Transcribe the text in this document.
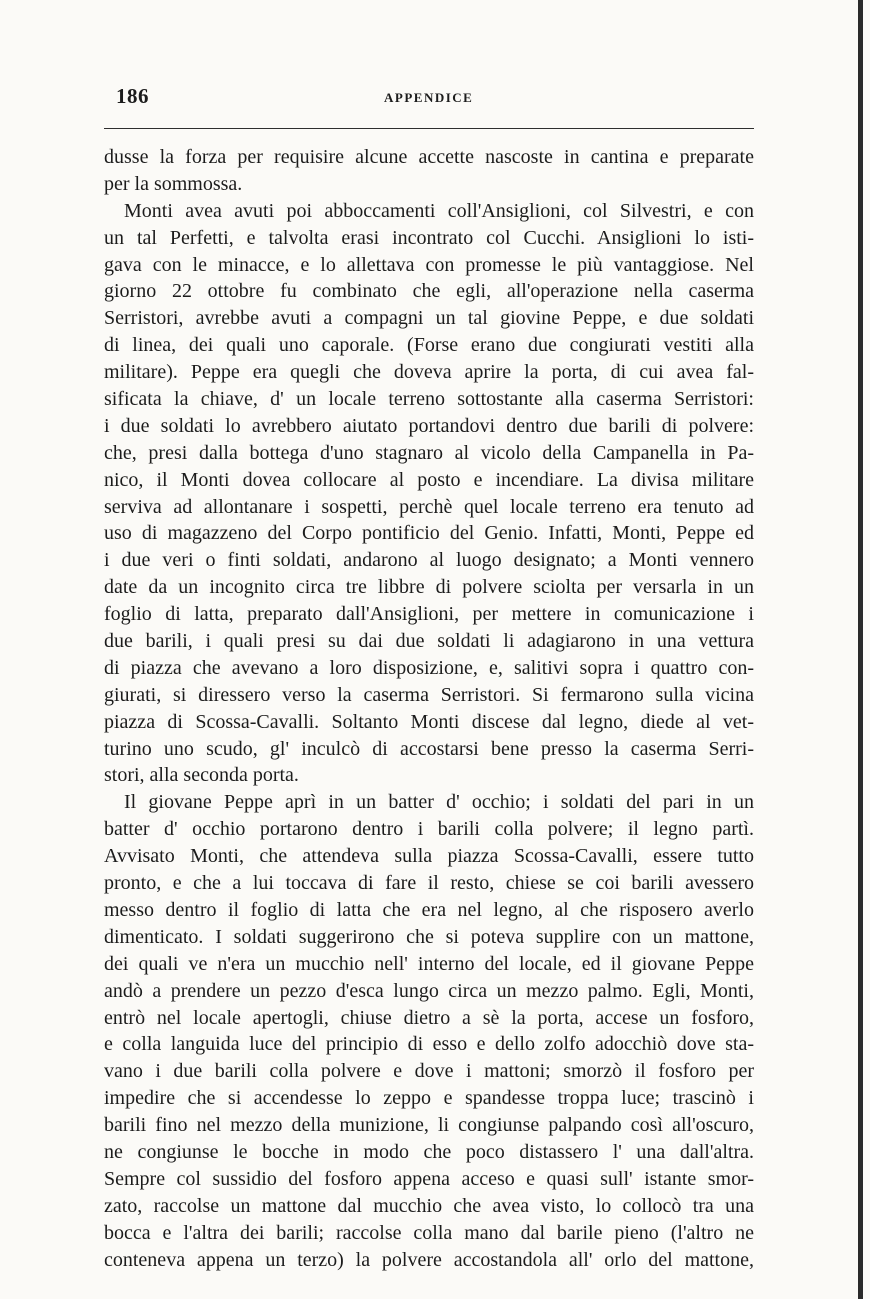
186	APPENDICE
dusse la forza per requisire alcune accette nascoste in cantina e preparate
per la sommossa.
Monti avea avuti poi abboccamenti coll'Ansiglioni, col Silvestri, e con
un tal Perfetti, e talvolta erasi incontrato col Cucchi. Ansiglioni lo isti-
gava con le minacce, e lo allettava con promesse le più vantaggiose. Nel
giorno 22 ottobre fu combinato che egli, all'operazione nella caserma
Serristori, avrebbe avuti a compagni un tal giovine Peppe, e due soldati
di linea, dei quali uno caporale. (Forse erano due congiurati vestiti alla
militare). Peppe era quegli che doveva aprire la porta, di cui avea fal-
sificata la chiave, d' un locale terreno sottostante alla caserma Serristori:
i due soldati lo avrebbero aiutato portandovi dentro due barili di polvere:
che, presi dalla bottega d'uno stagnaro al vicolo della Campanella in Pa-
nico, il Monti dovea collocare al posto e incendiare. La divisa militare
serviva ad allontanare i sospetti, perchè quel locale terreno era tenuto ad
uso di magazzeno del Corpo pontificio del Genio. Infatti, Monti, Peppe ed
i due veri o finti soldati, andarono al luogo designato; a Monti vennero
date da un incognito circa tre libbre di polvere sciolta per versarla in un
foglio di latta, preparato dall'Ansiglioni, per mettere in comunicazione i
due barili, i quali presi su dai due soldati li adagiarono in una vettura
di piazza che avevano a loro disposizione, e, salitivi sopra i quattro con-
giurati, si diressero verso la caserma Serristori. Si fermarono sulla vicina
piazza di Scossa-Cavalli. Soltanto Monti discese dal legno, diede al vet-
turino uno scudo, gl' inculcò di accostarsi bene presso la caserma Serri-
stori, alla seconda porta.
Il giovane Peppe aprì in un batter d' occhio; i soldati del pari in un
batter d' occhio portarono dentro i barili colla polvere; il legno partì.
Avvisato Monti, che attendeva sulla piazza Scossa-Cavalli, essere tutto
pronto, e che a lui toccava di fare il resto, chiese se coi barili avessero
messo dentro il foglio di latta che era nel legno, al che risposero averlo
dimenticato. I soldati suggerirono che si poteva supplire con un mattone,
dei quali ve n'era un mucchio nell' interno del locale, ed il giovane Peppe
andò a prendere un pezzo d'esca lungo circa un mezzo palmo. Egli, Monti,
entrò nel locale apertogli, chiuse dietro a sè la porta, accese un fosforo,
e colla languida luce del principio di esso e dello zolfo adocchiò dove sta-
vano i due barili colla polvere e dove i mattoni; smorzò il fosforo per
impedire che si accendesse lo zeppo e spandesse troppa luce; trascinò i
barili fino nel mezzo della munizione, li congiunse palpando così all'oscuro,
ne congiunse le bocche in modo che poco distassero l' una dall'altra.
Sempre col sussidio del fosforo appena acceso e quasi sull' istante smor-
zato, raccolse un mattone dal mucchio che avea visto, lo collocò tra una
bocca e l'altra dei barili; raccolse colla mano dal barile pieno (l'altro ne
conteneva appena un terzo) la polvere accostandola all' orlo del mattone,
